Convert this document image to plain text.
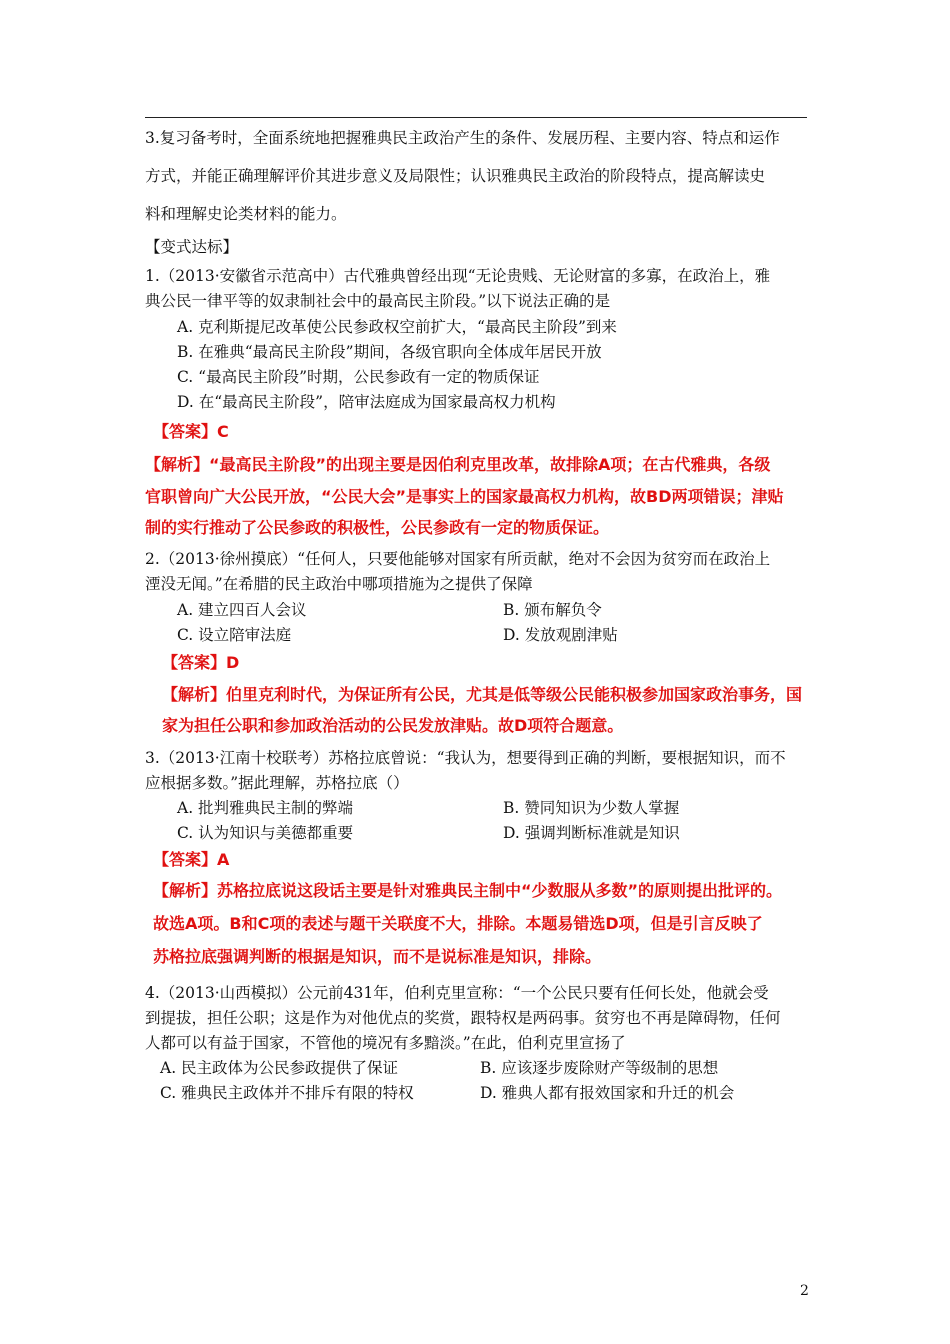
3.复习备考时，全面系统地把握雅典民主政治产生的条件、发展历程、主要内容、特点和运作
方式，并能正确理解评价其进步意义及局限性；认识雅典民主政治的阶段特点，提高解读史
料和理解史论类材料的能力。
【变式达标】
1.（2013·安徽省示范高中）古代雅典曾经出现“无论贵贱、无论财富的多寡，在政治上，雅
典公民一律平等的奴隶制社会中的最高民主阶段。”以下说法正确的是
A. 克利斯提尼改革使公民参政权空前扩大，“最高民主阶段”到来
B. 在雅典“最高民主阶段”期间，各级官职向全体成年居民开放
C. “最高民主阶段”时期，公民参政有一定的物质保证
D. 在“最高民主阶段”，陪审法庭成为国家最高权力机构
【答案】C
【解析】“最高民主阶段”的出现主要是因伯利克里改革，故排除A项；在古代雅典，各级
官职曾向广大公民开放，“公民大会”是事实上的国家最高权力机构，故BD两项错误；津贴
制的实行推动了公民参政的积极性，公民参政有一定的物质保证。
2.（2013·徐州摸底）“任何人，只要他能够对国家有所贡献，绝对不会因为贫穷而在政治上
湮没无闻。”在希腊的民主政治中哪项措施为之提供了保障
A. 建立四百人会议	B. 颁布解负令
C. 设立陪审法庭	D. 发放观剧津贴
【答案】D
【解析】伯里克利时代，为保证所有公民，尤其是低等级公民能积极参加国家政治事务，国
家为担任公职和参加政治活动的公民发放津贴。故D项符合题意。
3.（2013·江南十校联考）苏格拉底曾说：“我认为，想要得到正确的判断，要根据知识，而不
应根据多数。”据此理解，苏格拉底（）
A. 批判雅典民主制的弊端	B. 赞同知识为少数人掌握
C. 认为知识与美德都重要	D. 强调判断标准就是知识
【答案】A
【解析】苏格拉底说这段话主要是针对雅典民主制中“少数服从多数”的原则提出批评的。
故选A项。B和C项的表述与题干关联度不大，排除。本题易错选D项，但是引言反映了
苏格拉底强调判断的根据是知识，而不是说标准是知识，排除。
4.（2013·山西模拟）公元前431年，伯利克里宣称：“一个公民只要有任何长处，他就会受
到提拔，担任公职；这是作为对他优点的奖赏，跟特权是两码事。贫穷也不再是障碍物，任何
人都可以有益于国家，不管他的境况有多黯淡。”在此，伯利克里宣扬了
A. 民主政体为公民参政提供了保证	B. 应该逐步废除财产等级制的思想
C. 雅典民主政体并不排斥有限的特权	D. 雅典人都有报效国家和升迁的机会
2
